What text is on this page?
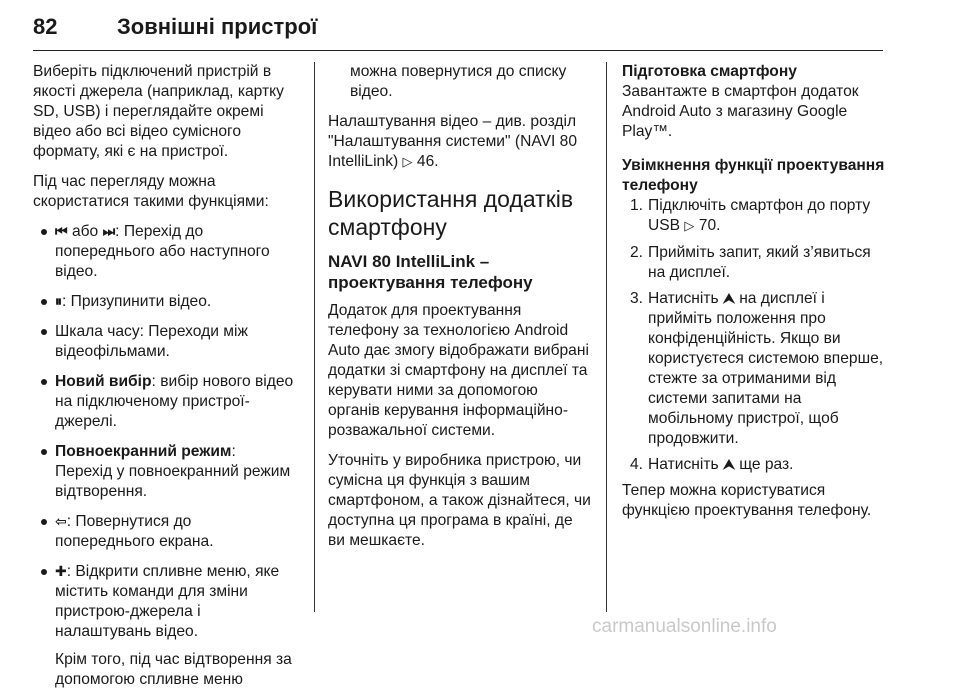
82	Зовнішні пристрої

Виберіть підключений пристрій в якості джерела (наприклад, картку SD, USB) і переглядайте окремі відео або всі відео сумісного формату, які є на пристрої.

Під час перегляду можна скористатися такими функціями:

⏮ або ⏭: Перехід до попереднього або наступного відео.
⏸: Призупинити відео.
Шкала часу: Переходи між відеофільмами.
Новий вибір: вибір нового відео на підключеному пристрої-джерелі.
Повноекранний режим: Перехід у повноекранний режим відтворення.
⇦: Повернутися до попереднього екрана.
✚: Відкрити спливне меню, яке містить команди для зміни пристрою-джерела і налаштувань відео.

Крім того, під час відтворення за допомогою спливне меню

можна повернутися до списку відео.

Налаштування відео – див. розділ "Налаштування системи" (NAVI 80 IntelliLink) ▷ 46.

Використання додатків смартфону
NAVI 80 IntelliLink – проектування телефону

Додаток для проектування телефону за технологією Android Auto дає змогу відображати вибрані додатки зі смартфону на дисплеї та керувати ними за допомогою органів керування інформаційно-розважальної системи.

Уточніть у виробника пристрою, чи сумісна ця функція з вашим смартфоном, а також дізнайтеся, чи доступна ця програма в країні, де ви мешкаєте.

Підготовка смартфону

Завантажте в смартфон додаток Android Auto з магазину Google Play™.

Увімкнення функції проектування телефону

1. Підключіть смартфон до порту USB ▷ 70.
2. Прийміть запит, який з’явиться на дисплеї.
3. Натисніть ⮝ на дисплеї і прийміть положення про конфіденційність. Якщо ви користуєтеся системою вперше, стежте за отриманими від системи запитами на мобільному пристрої, щоб продовжити.
4. Натисніть ⮝ ще раз.

Тепер можна користуватися функцією проектування телефону.

carmanualsonline.info
